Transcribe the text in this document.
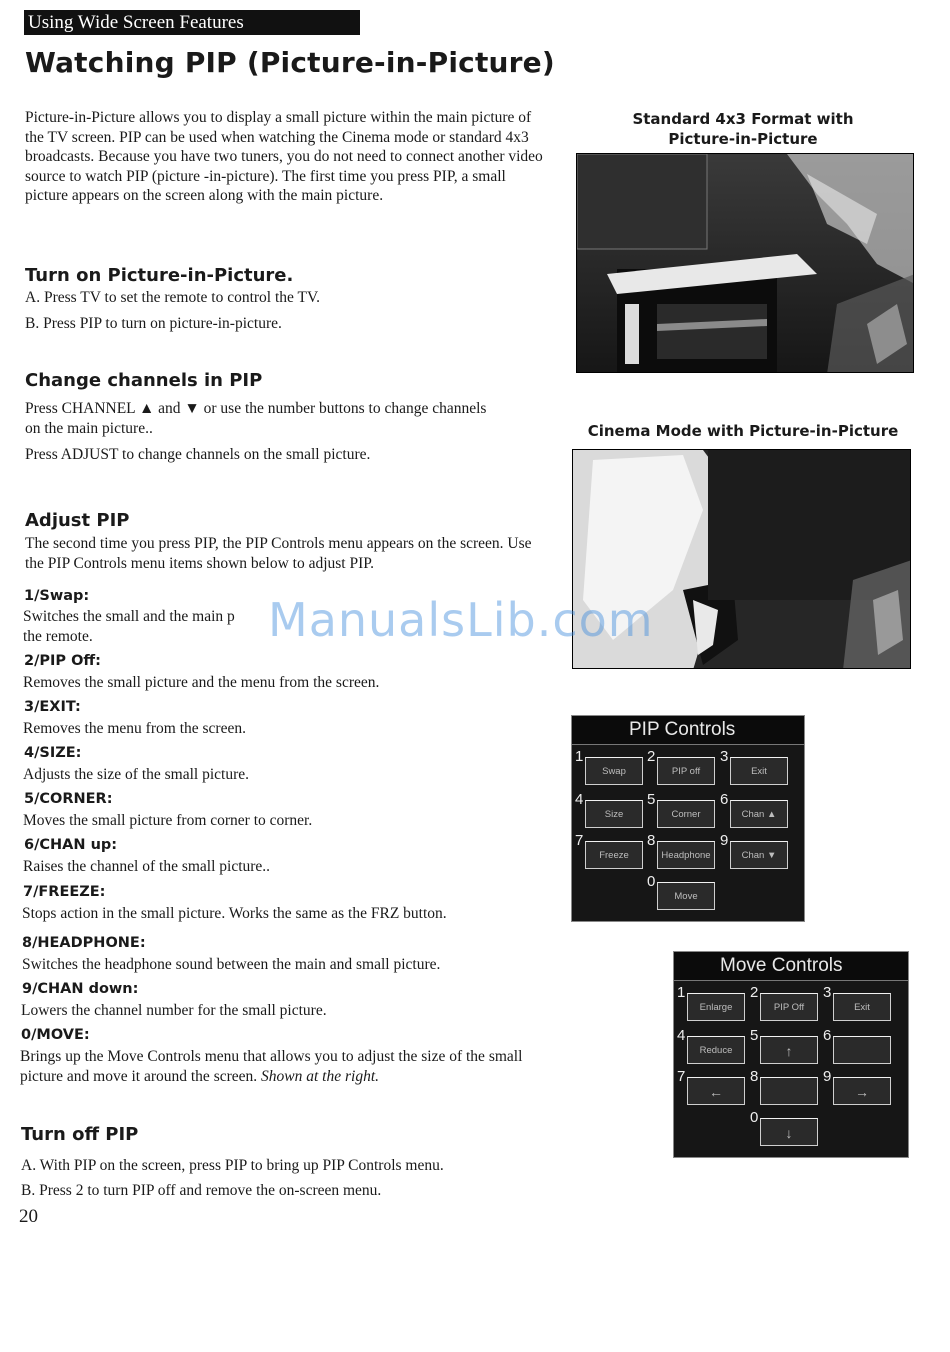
Using Wide Screen Features
Watching PIP (Picture-in-Picture)
Picture-in-Picture allows you to display a small picture within the main picture of the TV screen. PIP can be used when watching the Cinema mode or standard 4x3 broadcasts. Because you have two tuners, you do not need to connect another video source to watch PIP (picture -in-picture). The first time you press PIP, a small picture appears on the screen along with the main picture.
Turn on Picture-in-Picture.
A. Press TV to set the remote to control the TV.
B. Press PIP to turn on picture-in-picture.
Change channels in PIP
Press CHANNEL ▲ and ▼ or use the number buttons to change channels on the main picture..
Press ADJUST to change channels on the small picture.
Adjust PIP
The second time you press PIP, the PIP Controls menu appears on the screen. Use the PIP Controls menu items shown below to adjust PIP.
1/Swap:
Switches the small and the main p
the remote.
2/PIP Off:
Removes the small picture and the menu from the screen.
3/EXIT:
Removes the menu from the screen.
4/SIZE:
Adjusts the size of the small picture.
5/CORNER:
Moves the small picture from corner to corner.
6/CHAN up:
Raises the channel of the small picture..
7/FREEZE:
Stops action in the small picture. Works the same as the FRZ button.
8/HEADPHONE:
Switches the headphone sound between the main and small picture.
9/CHAN down:
Lowers the channel number for the small picture.
0/MOVE:
Brings up the Move Controls menu that allows you to adjust the size of the small picture and move it around the screen. Shown at the right.
Turn off PIP
A. With PIP on the screen, press PIP to bring up PIP Controls menu.
B. Press 2 to turn PIP off and remove the on-screen menu.
20
Standard 4x3 Format with Picture-in-Picture
Cinema Mode with Picture-in-Picture
PIP Controls
1
Swap
2
PIP off
3
Exit
4
Size
5
Corner
6
Chan ▲
7
Freeze
8
Headphone
9
Chan ▼
0
Move
Move Controls
1
Enlarge
2
PIP Off
3
Exit
4
Reduce
5
↑
6
7
←
8	9
→
0
↓
ManualsLib.com
